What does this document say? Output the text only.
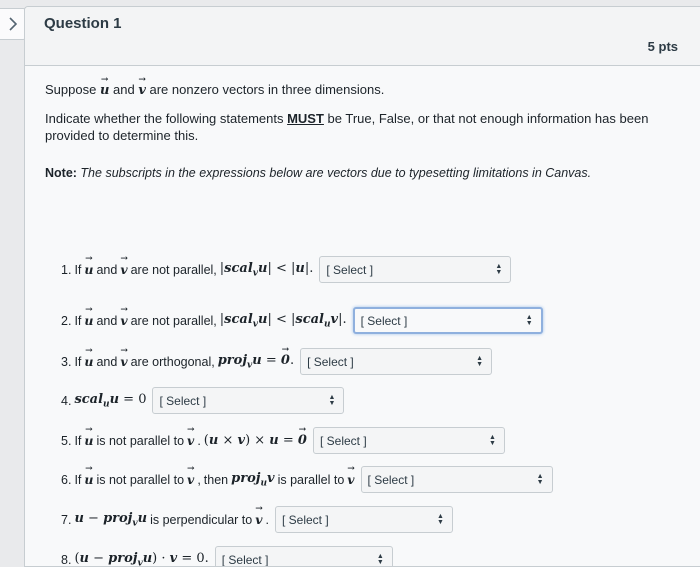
Question 1
5 pts

Suppose
→
u and
→
v are nonzero vectors in three dimensions.

Indicate whether the following statements MUST be True, False, or that not enough information has been provided to determine this.

Note: The subscripts in the expressions below are vectors due to typesetting limitations in Canvas.

1. If
→
u and
→
v are not parallel, |scal$_v$u| < |u|. [ Select ]	▲
▼
2. If
→
u and
→
v are not parallel, |scal$_v$u| < |scal$_u$v|. [ Select ]	▲
▼
3. If
→
u and
→
v are orthogonal, proj$_v$u =
→
0. [ Select ]	▲
▼
4. scal$_u$u = 0 [ Select ]	▲
▼
5. If
→
u is not parallel to
→
v . (u × v) × u =
→
0 [ Select ]	▲
▼
6. If
→
u is not parallel to
→
v , then proj$_u$v is parallel to
→
v [ Select ]	▲
▼
7. u − proj$_v$u is perpendicular to
→
v . [ Select ]	▲
▼
8. (u − proj$_v$u) · v = 0. [ Select ]	▲
▼
